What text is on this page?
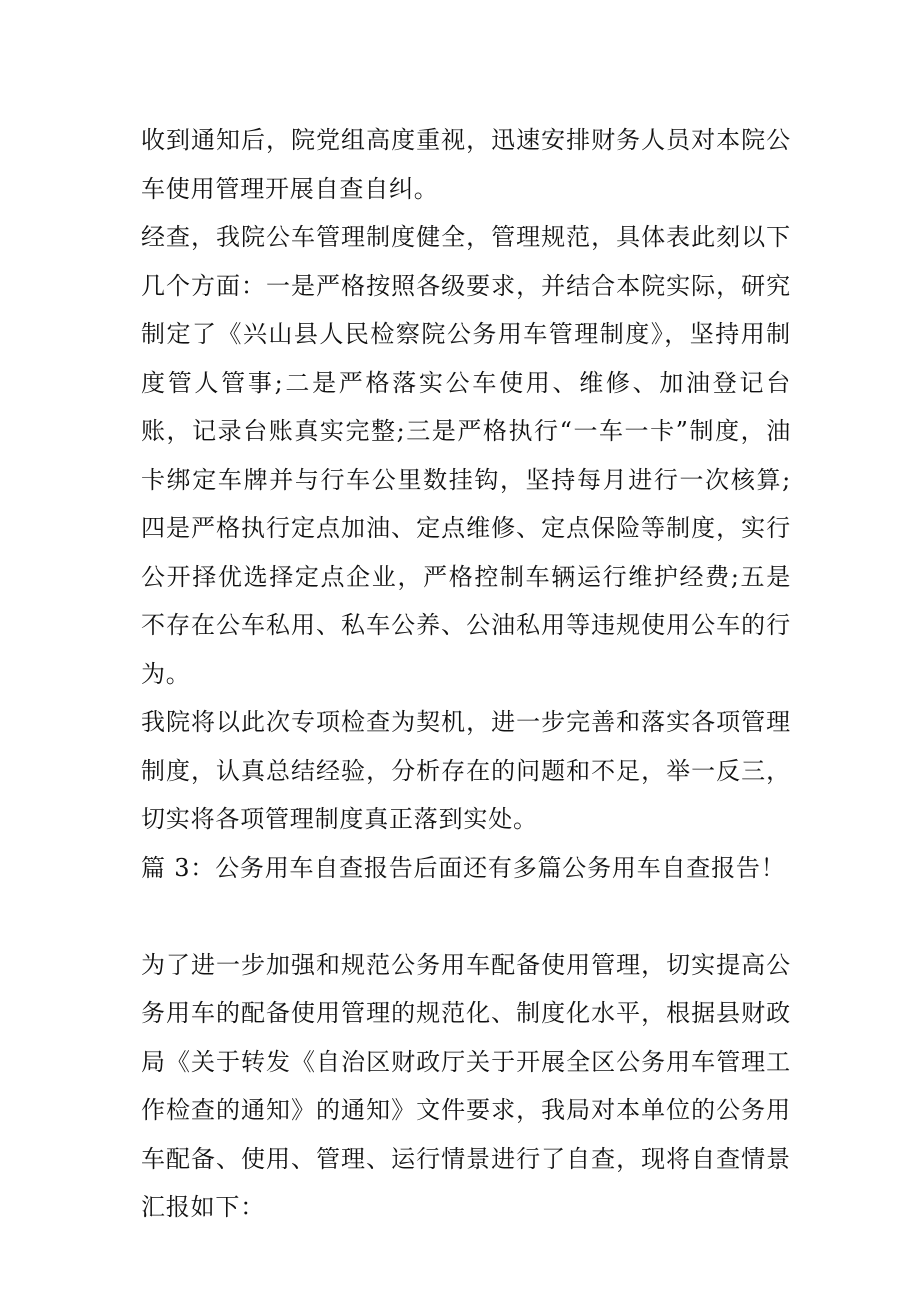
收到通知后，院党组高度重视，迅速安排财务人员对本院公车使用管理开展自查自纠。

经查，我院公车管理制度健全，管理规范，具体表此刻以下几个方面：一是严格按照各级要求，并结合本院实际，研究制定了《兴山县人民检察院公务用车管理制度》，坚持用制度管人管事;二是严格落实公车使用、维修、加油登记台账，记录台账真实完整;三是严格执行“一车一卡”制度，油卡绑定车牌并与行车公里数挂钩，坚持每月进行一次核算;四是严格执行定点加油、定点维修、定点保险等制度，实行公开择优选择定点企业，严格控制车辆运行维护经费;五是不存在公车私用、私车公养、公油私用等违规使用公车的行为。

我院将以此次专项检查为契机，进一步完善和落实各项管理制度，认真总结经验，分析存在的问题和不足，举一反三，切实将各项管理制度真正落到实处。

篇 3：公务用车自查报告后面还有多篇公务用车自查报告！

为了进一步加强和规范公务用车配备使用管理，切实提高公务用车的配备使用管理的规范化、制度化水平，根据县财政局《关于转发《自治区财政厅关于开展全区公务用车管理工作检查的通知》的通知》文件要求，我局对本单位的公务用车配备、使用、管理、运行情景进行了自查，现将自查情景汇报如下：
